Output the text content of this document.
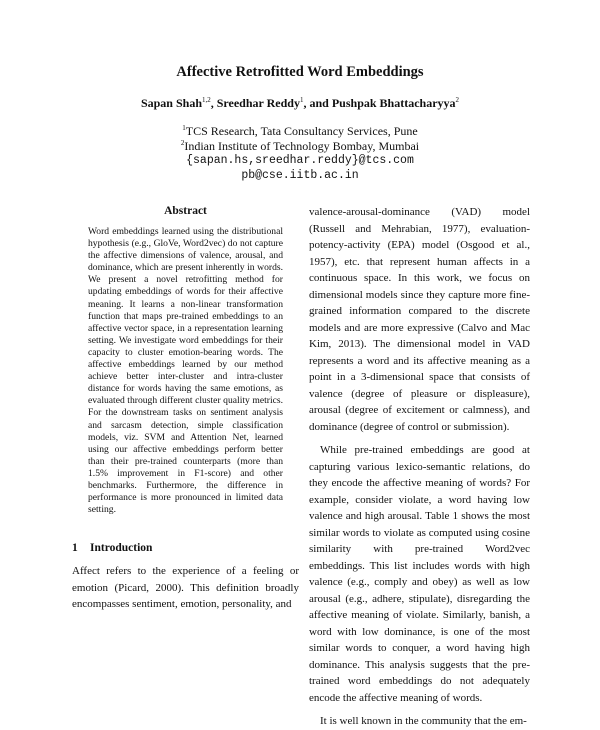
Affective Retrofitted Word Embeddings
Sapan Shah$^{1,2}$, Sreedhar Reddy$^1$, and Pushpak Bhattacharyya$^2$
$^1$TCS Research, Tata Consultancy Services, Pune
$^2$Indian Institute of Technology Bombay, Mumbai
{sapan.hs,sreedhar.reddy}@tcs.com
pb@cse.iitb.ac.in
Abstract
Word embeddings learned using the distributional hypothesis (e.g., GloVe, Word2vec) do not capture the affective dimensions of valence, arousal, and dominance, which are present inherently in words. We present a novel retrofitting method for updating embeddings of words for their affective meaning. It learns a non-linear transformation function that maps pre-trained embeddings to an affective vector space, in a representation learning setting. We investigate word embeddings for their capacity to cluster emotion-bearing words. The affective embeddings learned by our method achieve better inter-cluster and intra-cluster distance for words having the same emotions, as evaluated through different cluster quality metrics. For the downstream tasks on sentiment analysis and sarcasm detection, simple classification models, viz. SVM and Attention Net, learned using our affective embeddings perform better than their pre-trained counterparts (more than 1.5% improvement in F1-score) and other benchmarks. Furthermore, the difference in performance is more pronounced in limited data setting.
1 Introduction

Affect refers to the experience of a feeling or emotion (Picard, 2000). This definition broadly encompasses sentiment, emotion, personality, and

valence-arousal-dominance (VAD) model (Russell and Mehrabian, 1977), evaluation-potency-activity (EPA) model (Osgood et al., 1957), etc. that represent human affects in a continuous space. In this work, we focus on dimensional models since they capture more fine-grained information compared to the discrete models and are more expressive (Calvo and Mac Kim, 2013). The dimensional model in VAD represents a word and its affective meaning as a point in a 3-dimensional space that consists of valence (degree of pleasure or displeasure), arousal (degree of excitement or calmness), and dominance (degree of control or submission).

While pre-trained embeddings are good at capturing various lexico-semantic relations, do they encode the affective meaning of words? For example, consider violate, a word having low valence and high arousal. Table 1 shows the most similar words to violate as computed using cosine similarity with pre-trained Word2vec embeddings. This list includes words with high valence (e.g., comply and obey) as well as low arousal (e.g., adhere, stipulate), disregarding the affective meaning of violate. Similarly, banish, a word with low dominance, is one of the most similar words to conquer, a word having high dominance. This analysis suggests that the pre-trained word embeddings do not adequately encode the affective meaning of words.

It is well known in the community that the em-
